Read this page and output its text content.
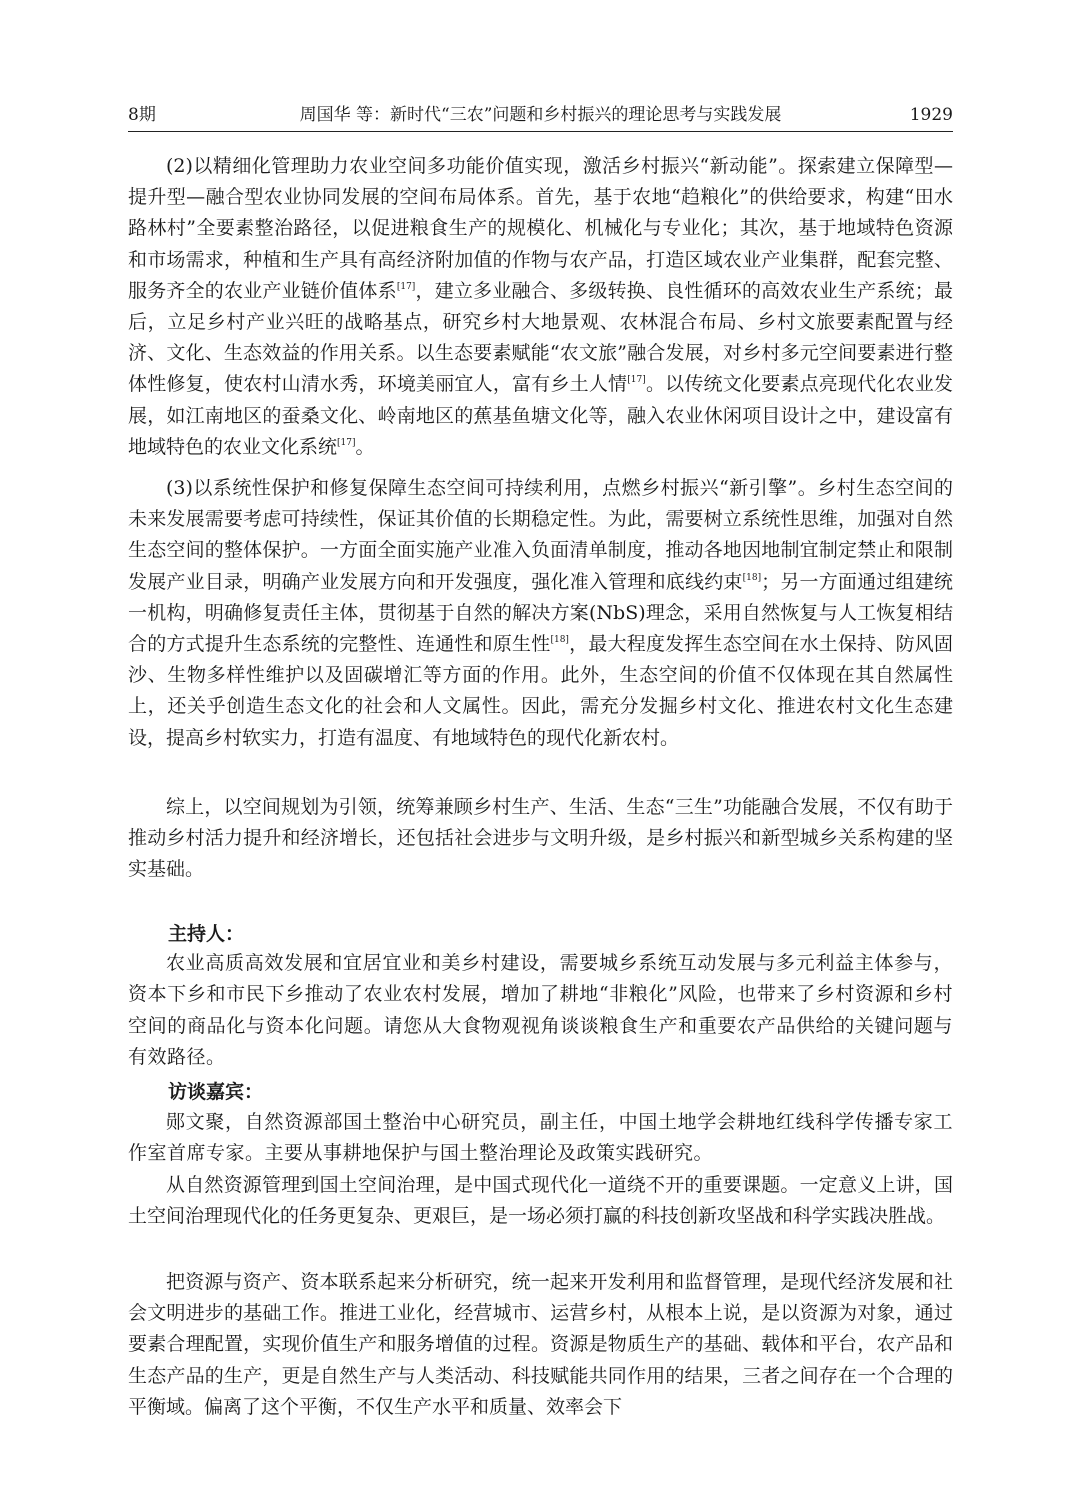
8期	周国华 等：新时代“三农”问题和乡村振兴的理论思考与实践发展	1929

(2)以精细化管理助力农业空间多功能价值实现，激活乡村振兴“新动能”。探索建立保障型—提升型—融合型农业协同发展的空间布局体系。首先，基于农地“趋粮化”的供给要求，构建“田水路林村”全要素整治路径，以促进粮食生产的规模化、机械化与专业化；其次，基于地域特色资源和市场需求，种植和生产具有高经济附加值的作物与农产品，打造区域农业产业集群，配套完整、服务齐全的农业产业链价值体系[17]，建立多业融合、多级转换、良性循环的高效农业生产系统；最后，立足乡村产业兴旺的战略基点，研究乡村大地景观、农林混合布局、乡村文旅要素配置与经济、文化、生态效益的作用关系。以生态要素赋能“农文旅”融合发展，对乡村多元空间要素进行整体性修复，使农村山清水秀，环境美丽宜人，富有乡土人情[17]。以传统文化要素点亮现代化农业发展，如江南地区的蚕桑文化、岭南地区的蕉基鱼塘文化等，融入农业休闲项目设计之中，建设富有地域特色的农业文化系统[17]。

(3)以系统性保护和修复保障生态空间可持续利用，点燃乡村振兴“新引擎”。乡村生态空间的未来发展需要考虑可持续性，保证其价值的长期稳定性。为此，需要树立系统性思维，加强对自然生态空间的整体保护。一方面全面实施产业准入负面清单制度，推动各地因地制宜制定禁止和限制发展产业目录，明确产业发展方向和开发强度，强化准入管理和底线约束[18]；另一方面通过组建统一机构，明确修复责任主体，贯彻基于自然的解决方案(NbS)理念，采用自然恢复与人工恢复相结合的方式提升生态系统的完整性、连通性和原生性[18]，最大程度发挥生态空间在水土保持、防风固沙、生物多样性维护以及固碳增汇等方面的作用。此外，生态空间的价值不仅体现在其自然属性上，还关乎创造生态文化的社会和人文属性。因此，需充分发掘乡村文化、推进农村文化生态建设，提高乡村软实力，打造有温度、有地域特色的现代化新农村。

综上，以空间规划为引领，统筹兼顾乡村生产、生活、生态“三生”功能融合发展，不仅有助于推动乡村活力提升和经济增长，还包括社会进步与文明升级，是乡村振兴和新型城乡关系构建的坚实基础。

主持人：

农业高质高效发展和宜居宜业和美乡村建设，需要城乡系统互动发展与多元利益主体参与，资本下乡和市民下乡推动了农业农村发展，增加了耕地“非粮化”风险，也带来了乡村资源和乡村空间的商品化与资本化问题。请您从大食物观视角谈谈粮食生产和重要农产品供给的关键问题与有效路径。

访谈嘉宾：

郧文聚，自然资源部国土整治中心研究员，副主任，中国土地学会耕地红线科学传播专家工作室首席专家。主要从事耕地保护与国土整治理论及政策实践研究。

从自然资源管理到国土空间治理，是中国式现代化一道绕不开的重要课题。一定意义上讲，国土空间治理现代化的任务更复杂、更艰巨，是一场必须打赢的科技创新攻坚战和科学实践决胜战。

把资源与资产、资本联系起来分析研究，统一起来开发利用和监督管理，是现代经济发展和社会文明进步的基础工作。推进工业化，经营城市、运营乡村，从根本上说，是以资源为对象，通过要素合理配置，实现价值生产和服务增值的过程。资源是物质生产的基础、载体和平台，农产品和生态产品的生产，更是自然生产与人类活动、科技赋能共同作用的结果，三者之间存在一个合理的平衡域。偏离了这个平衡，不仅生产水平和质量、效率会下
